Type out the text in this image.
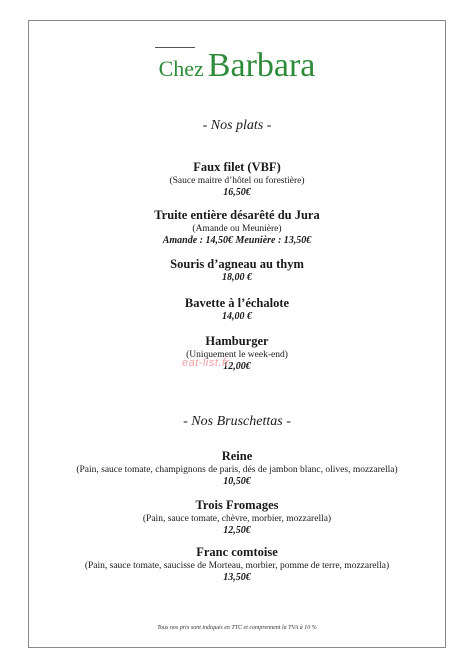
Chez Barbara
- Nos plats -
Faux filet (VBF)
(Sauce maitre d’hôtel ou forestière)
16,50€
Truite entière désarêté du Jura
(Amande ou Meunière)
Amande : 14,50€ Meunière : 13,50€
Souris d’agneau au thym
18,00 €
Bavette à l’échalote
14,00 €
Hamburger
(Uniquement le week-end)
12,00€
eat-list.fr
- Nos Bruschettas -
Reine
(Pain, sauce tomate, champignons de paris, dés de jambon blanc, olives, mozzarella)
10,50€
Trois Fromages
(Pain, sauce tomate, chèvre, morbier, mozzarella)
12,50€
Franc comtoise
(Pain, sauce tomate, saucisse de Morteau, morbier, pomme de terre, mozzarella)
13,50€
Tous nos prix sont indiqués en TTC et comprennent la TVA à 10 %
